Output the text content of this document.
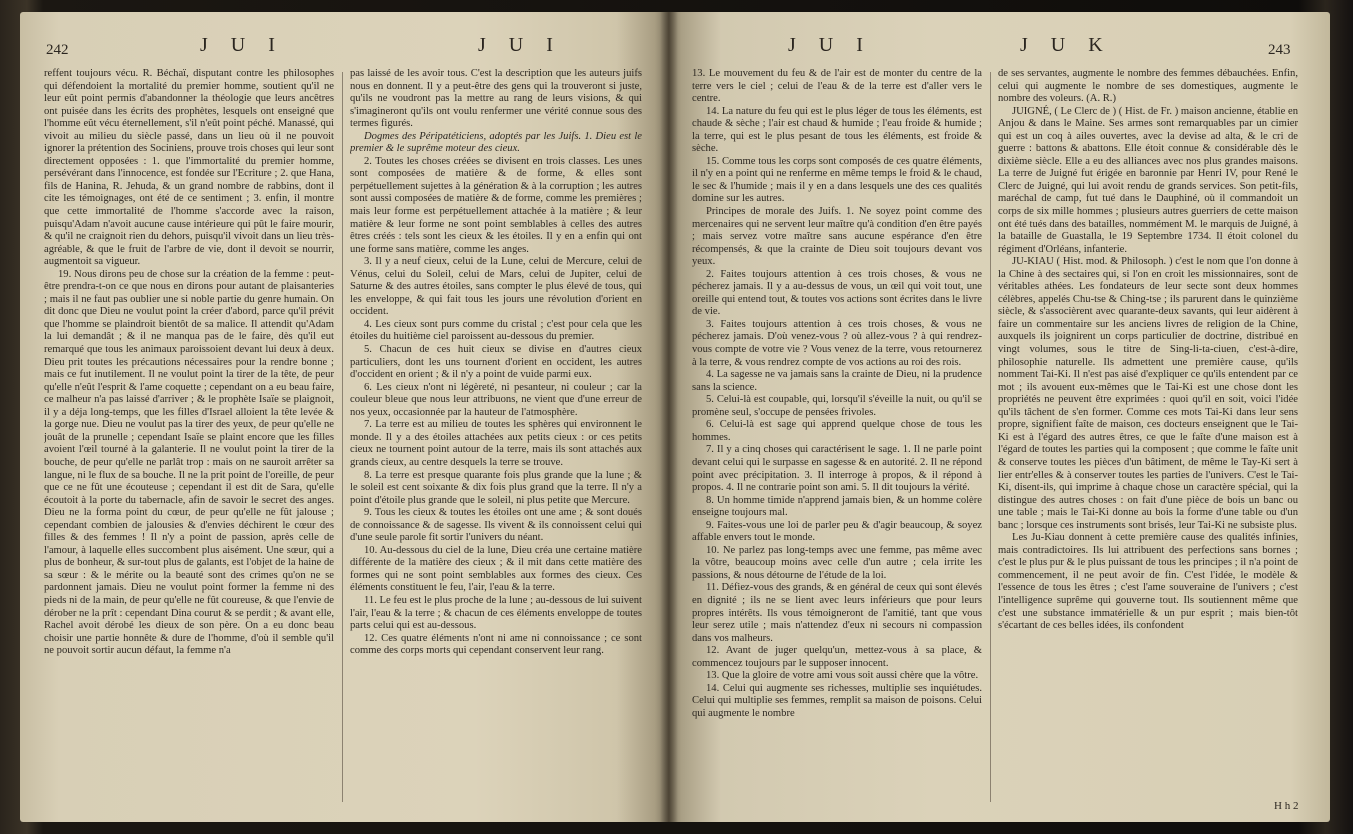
242	J U I	J U I

reffent toujours vécu. R. Béchaï, disputant contre les philosophes qui défendoient la mortalité du premier homme, soutient qu'il ne leur eût point permis d'abandonner la théologie que leurs ancêtres ont puisée dans les écrits des prophètes, lesquels ont enseigné que l'homme eût vécu éternellement, s'il n'eût point péché. Manassé, qui vivoit au milieu du siècle passé, dans un lieu où il ne pouvoit ignorer la prétention des Sociniens, prouve trois choses qui leur sont directement opposées : 1. que l'immortalité du premier homme, persévérant dans l'innocence, est fondée sur l'Ecriture ; 2. que Hana, fils de Hanina, R. Jehuda, & un grand nombre de rabbins, dont il cite les témoignages, ont été de ce sentiment ; 3. enfin, il montre que cette immortalité de l'homme s'accorde avec la raison, puisqu'Adam n'avoit aucune cause intérieure qui pût le faire mourir, & qu'il ne craignoit rien du dehors, puisqu'il vivoit dans un lieu très-agréable, & que le fruit de l'arbre de vie, dont il devoit se nourrir, augmentoit sa vigueur.

19. Nous dirons peu de chose sur la création de la femme : peut-être prendra-t-on ce que nous en dirons pour autant de plaisanteries ; mais il ne faut pas oublier une si noble partie du genre humain. On dit donc que Dieu ne voulut point la créer d'abord, parce qu'il prévit que l'homme se plaindroit bientôt de sa malice. Il attendit qu'Adam la lui demandât ; & il ne manqua pas de le faire, dès qu'il eut remarqué que tous les animaux paroissoient devant lui deux à deux. Dieu prit toutes les précautions nécessaires pour la rendre bonne ; mais ce fut inutilement. Il ne voulut point la tirer de la tête, de peur qu'elle n'eût l'esprit & l'ame coquette ; cependant on a eu beau faire, ce malheur n'a pas laissé d'arriver ; & le prophète Isaïe se plaignoit, il y a déja long-temps, que les filles d'Israel alloient la tête levée & la gorge nue. Dieu ne voulut pas la tirer des yeux, de peur qu'elle ne jouât de la prunelle ; cependant Isaïe se plaint encore que les filles avoient l'œil tourné à la galanterie. Il ne voulut point la tirer de la bouche, de peur qu'elle ne parlât trop : mais on ne sauroit arrêter sa langue, ni le flux de sa bouche. Il ne la prit point de l'oreille, de peur que ce ne fût une écouteuse ; cependant il est dit de Sara, qu'elle écoutoit à la porte du tabernacle, afin de savoir le secret des anges. Dieu ne la forma point du cœur, de peur qu'elle ne fût jalouse ; cependant combien de jalousies & d'envies déchirent le cœur des filles & des femmes ! Il n'y a point de passion, après celle de l'amour, à laquelle elles succombent plus aisément. Une sœur, qui a plus de bonheur, & sur-tout plus de galants, est l'objet de la haine de sa sœur : & le mérite ou la beauté sont des crimes qu'on ne se pardonnent jamais. Dieu ne voulut point former la femme ni des pieds ni de la main, de peur qu'elle ne fût coureuse, & que l'envie de dérober ne la prît : cependant Dina courut & se perdit ; & avant elle, Rachel avoit dérobé les dieux de son père. On a eu donc beau choisir une partie honnête & dure de l'homme, d'où il semble qu'il ne pouvoit sortir aucun défaut, la femme n'a

pas laissé de les avoir tous. C'est la description que les auteurs juifs nous en donnent. Il y a peut-être des gens qui la trouveront si juste, qu'ils ne voudront pas la mettre au rang de leurs visions, & qui s'imagineront qu'ils ont voulu renfermer une vérité connue sous des termes figurés.

Dogmes des Péripatéticiens, adoptés par les Juifs. 1. Dieu est le premier & le suprême moteur des cieux.

2. Toutes les choses créées se divisent en trois classes. Les unes sont composées de matière & de forme, & elles sont perpétuellement sujettes à la génération & à la corruption ; les autres sont aussi composées de matière & de forme, comme les premières ; mais leur forme est perpétuellement attachée à la matière ; & leur matière & leur forme ne sont point semblables à celles des autres êtres créés : tels sont les cieux & les étoiles. Il y en a enfin qui ont une forme sans matière, comme les anges.

3. Il y a neuf cieux, celui de la Lune, celui de Mercure, celui de Vénus, celui du Soleil, celui de Mars, celui de Jupiter, celui de Saturne & des autres étoiles, sans compter le plus élevé de tous, qui les enveloppe, & qui fait tous les jours une révolution d'orient en occident.

4. Les cieux sont purs comme du cristal ; c'est pour cela que les étoiles du huitième ciel paroissent au-dessous du premier.

5. Chacun de ces huit cieux se divise en d'autres cieux particuliers, dont les uns tournent d'orient en occident, les autres d'occident en orient ; & il n'y a point de vuide parmi eux.

6. Les cieux n'ont ni légèreté, ni pesanteur, ni couleur ; car la couleur bleue que nous leur attribuons, ne vient que d'une erreur de nos yeux, occasionnée par la hauteur de l'atmosphère.

7. La terre est au milieu de toutes les sphères qui environnent le monde. Il y a des étoiles attachées aux petits cieux : or ces petits cieux ne tournent point autour de la terre, mais ils sont attachés aux grands cieux, au centre desquels la terre se trouve.

8. La terre est presque quarante fois plus grande que la lune ; & le soleil est cent soixante & dix fois plus grand que la terre. Il n'y a point d'étoile plus grande que le soleil, ni plus petite que Mercure.

9. Tous les cieux & toutes les étoiles ont une ame ; & sont doués de connoissance & de sagesse. Ils vivent & ils connoissent celui qui d'une seule parole fit sortir l'univers du néant.

10. Au-dessous du ciel de la lune, Dieu créa une certaine matière différente de la matière des cieux ; & il mit dans cette matière des formes qui ne sont point semblables aux formes des cieux. Ces éléments constituent le feu, l'air, l'eau & la terre.

11. Le feu est le plus proche de la lune ; au-dessous de lui suivent l'air, l'eau & la terre ; & chacun de ces éléments enveloppe de toutes parts celui qui est au-dessous.

12. Ces quatre éléments n'ont ni ame ni connoissance ; ce sont comme des corps morts qui cependant conservent leur rang.

J U I	J U K	243

13. Le mouvement du feu & de l'air est de monter du centre de la terre vers le ciel ; celui de l'eau & de la terre est d'aller vers le centre.

14. La nature du feu qui est le plus léger de tous les éléments, est chaude & sèche ; l'air est chaud & humide ; l'eau froide & humide ; la terre, qui est le plus pesant de tous les éléments, est froide & sèche.

15. Comme tous les corps sont composés de ces quatre éléments, il n'y en a point qui ne renferme en même temps le froid & le chaud, le sec & l'humide ; mais il y en a dans lesquels une des ces qualités domine sur les autres.

Principes de morale des Juifs. 1. Ne soyez point comme des mercenaires qui ne servent leur maître qu'à condition d'en être payés ; mais servez votre maître sans aucune espérance d'en être récompensés, & que la crainte de Dieu soit toujours devant vos yeux.

2. Faites toujours attention à ces trois choses, & vous ne pécherez jamais. Il y a au-dessus de vous, un œil qui voit tout, une oreille qui entend tout, & toutes vos actions sont écrites dans le livre de vie.

3. Faites toujours attention à ces trois choses, & vous ne pécherez jamais. D'où venez-vous ? où allez-vous ? à qui rendrez-vous compte de votre vie ? Vous venez de la terre, vous retournerez à la terre, & vous rendrez compte de vos actions au roi des rois.

4. La sagesse ne va jamais sans la crainte de Dieu, ni la prudence sans la science.

5. Celui-là est coupable, qui, lorsqu'il s'éveille la nuit, ou qu'il se promène seul, s'occupe de pensées frivoles.

6. Celui-là est sage qui apprend quelque chose de tous les hommes.

7. Il y a cinq choses qui caractérisent le sage. 1. Il ne parle point devant celui qui le surpasse en sagesse & en autorité. 2. Il ne répond point avec précipitation. 3. Il interroge à propos, & il répond à propos. 4. Il ne contrarie point son ami. 5. Il dit toujours la vérité.

8. Un homme timide n'apprend jamais bien, & un homme colère enseigne toujours mal.

9. Faites-vous une loi de parler peu & d'agir beaucoup, & soyez affable envers tout le monde.

10. Ne parlez pas long-temps avec une femme, pas même avec la vôtre, beaucoup moins avec celle d'un autre ; cela irrite les passions, & nous détourne de l'étude de la loi.

11. Défiez-vous des grands, & en général de ceux qui sont élevés en dignité ; ils ne se lient avec leurs inférieurs que pour leurs propres intérêts. Ils vous témoigneront de l'amitié, tant que vous leur serez utile ; mais n'attendez d'eux ni secours ni compassion dans vos malheurs.

12. Avant de juger quelqu'un, mettez-vous à sa place, & commencez toujours par le supposer innocent.

13. Que la gloire de votre ami vous soit aussi chère que la vôtre.

14. Celui qui augmente ses richesses, multiplie ses inquiétudes. Celui qui multiplie ses femmes, remplit sa maison de poisons. Celui qui augmente le nombre

de ses servantes, augmente le nombre des femmes débauchées. Enfin, celui qui augmente le nombre de ses domestiques, augmente le nombre des voleurs. (A. R.)

JUIGNÉ, ( Le Clerc de ) ( Hist. de Fr. ) maison ancienne, établie en Anjou & dans le Maine. Ses armes sont remarquables par un cimier qui est un coq à ailes ouvertes, avec la devise ad alta, & le cri de guerre : battons & abattons. Elle étoit connue & considérable dès le dixième siècle. Elle a eu des alliances avec nos plus grandes maisons. La terre de Juigné fut érigée en baronnie par Henri IV, pour René le Clerc de Juigné, qui lui avoit rendu de grands services. Son petit-fils, maréchal de camp, fut tué dans le Dauphiné, où il commandoit un corps de six mille hommes ; plusieurs autres guerriers de cette maison ont été tués dans des batailles, nommément M. le marquis de Juigné, à la bataille de Guastalla, le 19 Septembre 1734. Il étoit colonel du régiment d'Orléans, infanterie.

JU-KIAU ( Hist. mod. & Philosoph. ) c'est le nom que l'on donne à la Chine à des sectaires qui, si l'on en croit les missionnaires, sont de véritables athées. Les fondateurs de leur secte sont deux hommes célèbres, appelés Chu-tse & Ching-tse ; ils parurent dans le quinzième siècle, & s'associèrent avec quarante-deux savants, qui leur aidèrent à faire un commentaire sur les anciens livres de religion de la Chine, auxquels ils joignirent un corps particulier de doctrine, distribué en vingt volumes, sous le titre de Sing-li-ta-ciuen, c'est-à-dire, philosophie naturelle. Ils admettent une première cause, qu'ils nomment Tai-Ki. Il n'est pas aisé d'expliquer ce qu'ils entendent par ce mot ; ils avouent eux-mêmes que le Tai-Ki est une chose dont les propriétés ne peuvent être exprimées : quoi qu'il en soit, voici l'idée qu'ils tâchent de s'en former. Comme ces mots Tai-Ki dans leur sens propre, signifient faîte de maison, ces docteurs enseignent que le Tai-Ki est à l'égard des autres êtres, ce que le faîte d'une maison est à l'égard de toutes les parties qui la composent ; que comme le faîte unit & conserve toutes les pièces d'un bâtiment, de même le Tay-Ki sert à lier entr'elles & à conserver toutes les parties de l'univers. C'est le Tai-Ki, disent-ils, qui imprime à chaque chose un caractère spécial, qui la distingue des autres choses : on fait d'une pièce de bois un banc ou une table ; mais le Tai-Ki donne au bois la forme d'une table ou d'un banc ; lorsque ces instruments sont brisés, leur Tai-Ki ne subsiste plus.

Les Ju-Kiau donnent à cette première cause des qualités infinies, mais contradictoires. Ils lui attribuent des perfections sans bornes ; c'est le plus pur & le plus puissant de tous les principes ; il n'a point de commencement, il ne peut avoir de fin. C'est l'idée, le modèle & l'essence de tous les êtres ; c'est l'ame souveraine de l'univers ; c'est l'intelligence suprême qui gouverne tout. Ils soutiennent même que c'est une substance immatérielle & un pur esprit ; mais bien-tôt s'écartant de ces belles idées, ils confondent

H h 2
